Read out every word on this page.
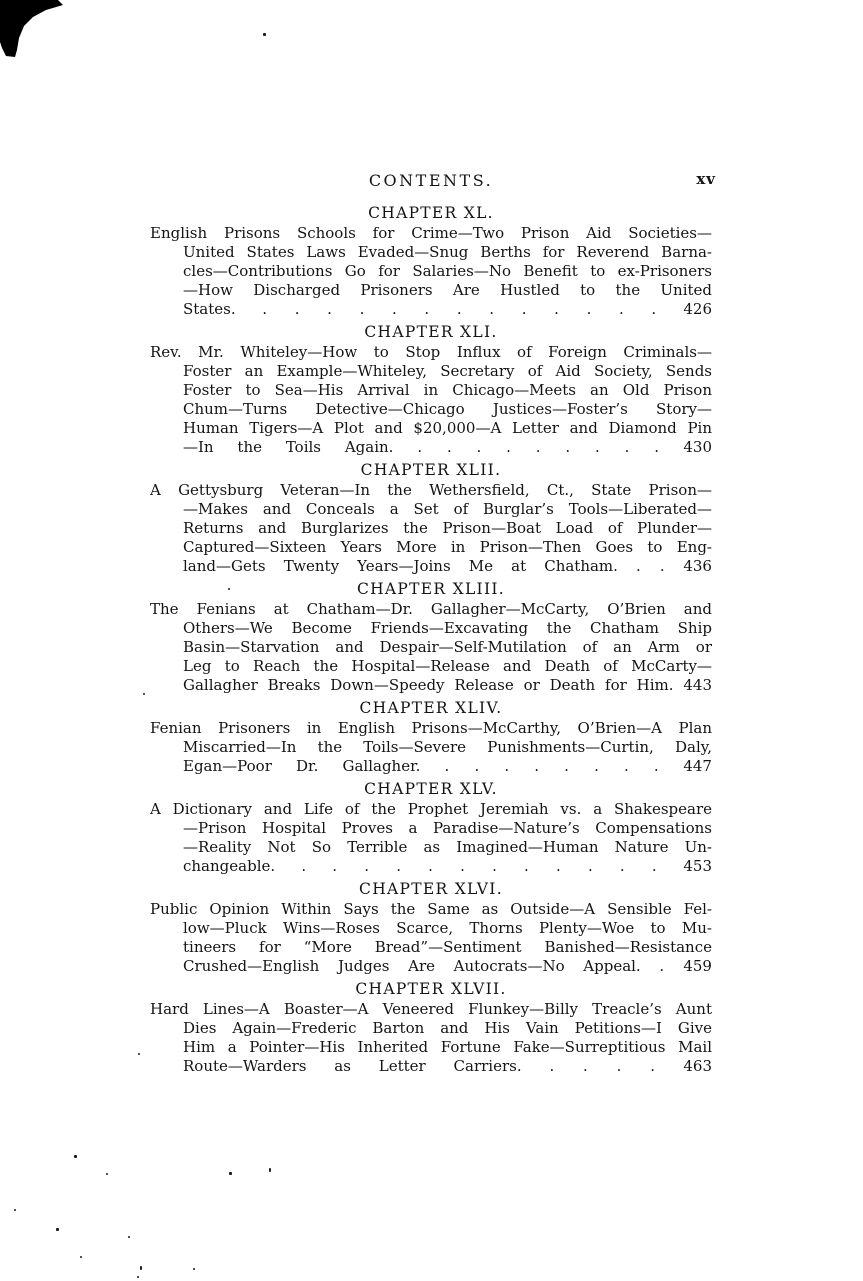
CONTENTS.	xv
CHAPTER XL.
English Prisons Schools for Crime—Two Prison Aid Societies—
United States Laws Evaded—Snug Berths for Reverend Barna-
cles—Contributions Go for Salaries—No Benefit to ex-Prisoners
—How Discharged Prisoners Are Hustled to the United
States. . . . . . . . . . . . . . 426
CHAPTER XLI.
Rev. Mr. Whiteley—How to Stop Influx of Foreign Criminals—
Foster an Example—Whiteley, Secretary of Aid Society, Sends
Foster to Sea—His Arrival in Chicago—Meets an Old Prison
Chum—Turns Detective—Chicago Justices—Foster’s Story—
Human Tigers—A Plot and $20,000—A Letter and Diamond Pin
—In the Toils Again. . . . . . . . . . 430
CHAPTER XLII.
A Gettysburg Veteran—In the Wethersfield, Ct., State Prison—
—Makes and Conceals a Set of Burglar’s Tools—Liberated—
Returns and Burglarizes the Prison—Boat Load of Plunder—
Captured—Sixteen Years More in Prison—Then Goes to Eng-
land—Gets Twenty Years—Joins Me at Chatham. . . 436
CHAPTER XLIII.
The Fenians at Chatham—Dr. Gallagher—McCarty, O’Brien and
Others—We Become Friends—Excavating the Chatham Ship
Basin—Starvation and Despair—Self-Mutilation of an Arm or
Leg to Reach the Hospital—Release and Death of McCarty—
Gallagher Breaks Down—Speedy Release or Death for Him. 443
CHAPTER XLIV.
Fenian Prisoners in English Prisons—McCarthy, O’Brien—A Plan
Miscarried—In the Toils—Severe Punishments—Curtin, Daly,
Egan—Poor Dr. Gallagher. . . . . . . . . 447
CHAPTER XLV.
A Dictionary and Life of the Prophet Jeremiah vs. a Shakespeare
—Prison Hospital Proves a Paradise—Nature’s Compensations
—Reality Not So Terrible as Imagined—Human Nature Un-
changeable. . . . . . . . . . . . . 453
CHAPTER XLVI.
Public Opinion Within Says the Same as Outside—A Sensible Fel-
low—Pluck Wins—Roses Scarce, Thorns Plenty—Woe to Mu-
tineers for “More Bread”—Sentiment Banished—Resistance
Crushed—English Judges Are Autocrats—No Appeal. . 459
CHAPTER XLVII.
Hard Lines—A Boaster—A Veneered Flunkey—Billy Treacle’s Aunt
Dies Again—Frederic Barton and His Vain Petitions—I Give
Him a Pointer—His Inherited Fortune Fake—Surreptitious Mail
Route—Warders as Letter Carriers. . . . . 463
